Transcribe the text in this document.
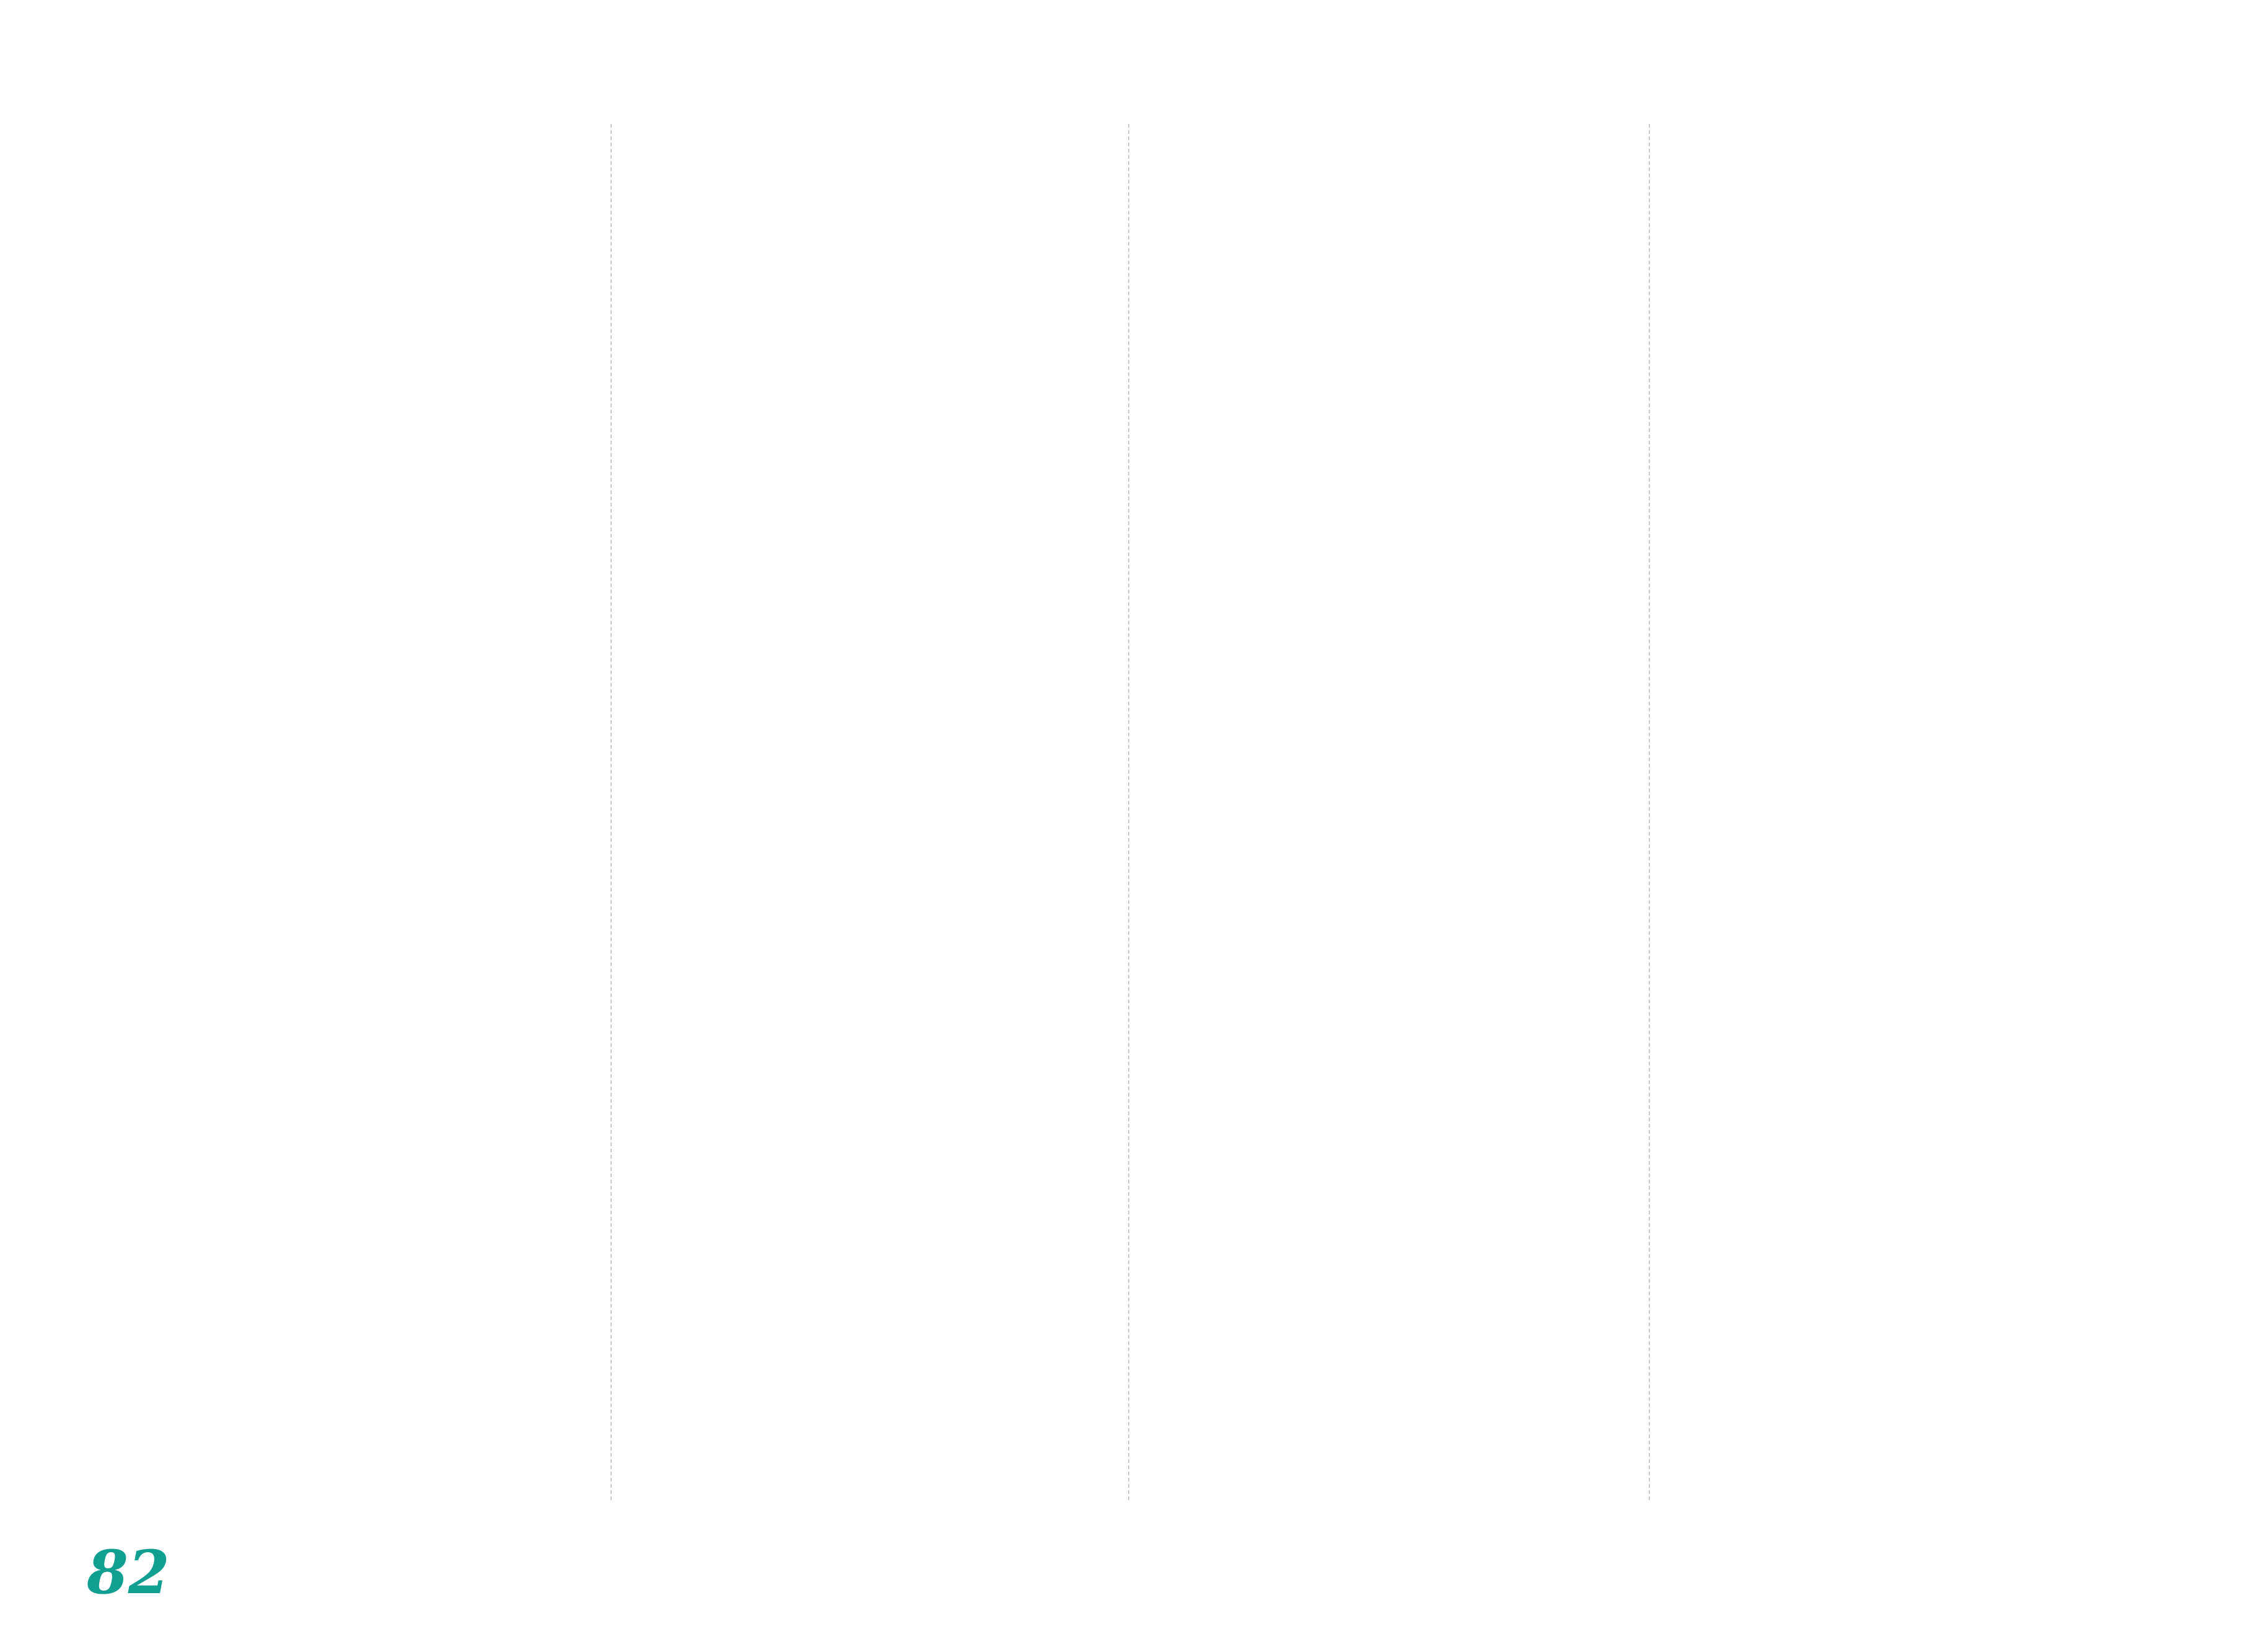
82
